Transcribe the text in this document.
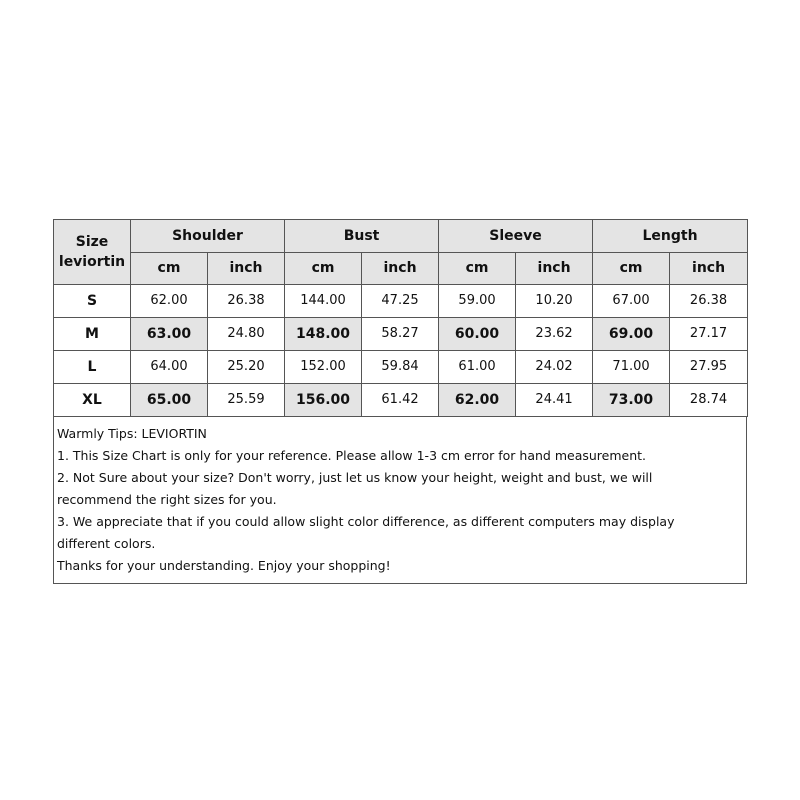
Size
leviortin	Shoulder		Bust		Sleeve		Length	
	cm	inch	cm	inch	cm	inch	cm	inch
S	62.00	26.38	144.00	47.25	59.00	10.20	67.00	26.38
M	63.00	24.80	148.00	58.27	60.00	23.62	69.00	27.17
L	64.00	25.20	152.00	59.84	61.00	24.02	71.00	27.95
XL	65.00	25.59	156.00	61.42	62.00	24.41	73.00	28.74
Warmly Tips: LEVIORTIN
1. This Size Chart is only for your reference. Please allow 1-3 cm error for hand measurement.
2. Not Sure about your size? Don't worry, just let us know your height, weight and bust, we will
recommend the right sizes for you.
3. We appreciate that if you could allow slight color difference, as different computers may display
different colors.
Thanks for your understanding. Enjoy your shopping!
